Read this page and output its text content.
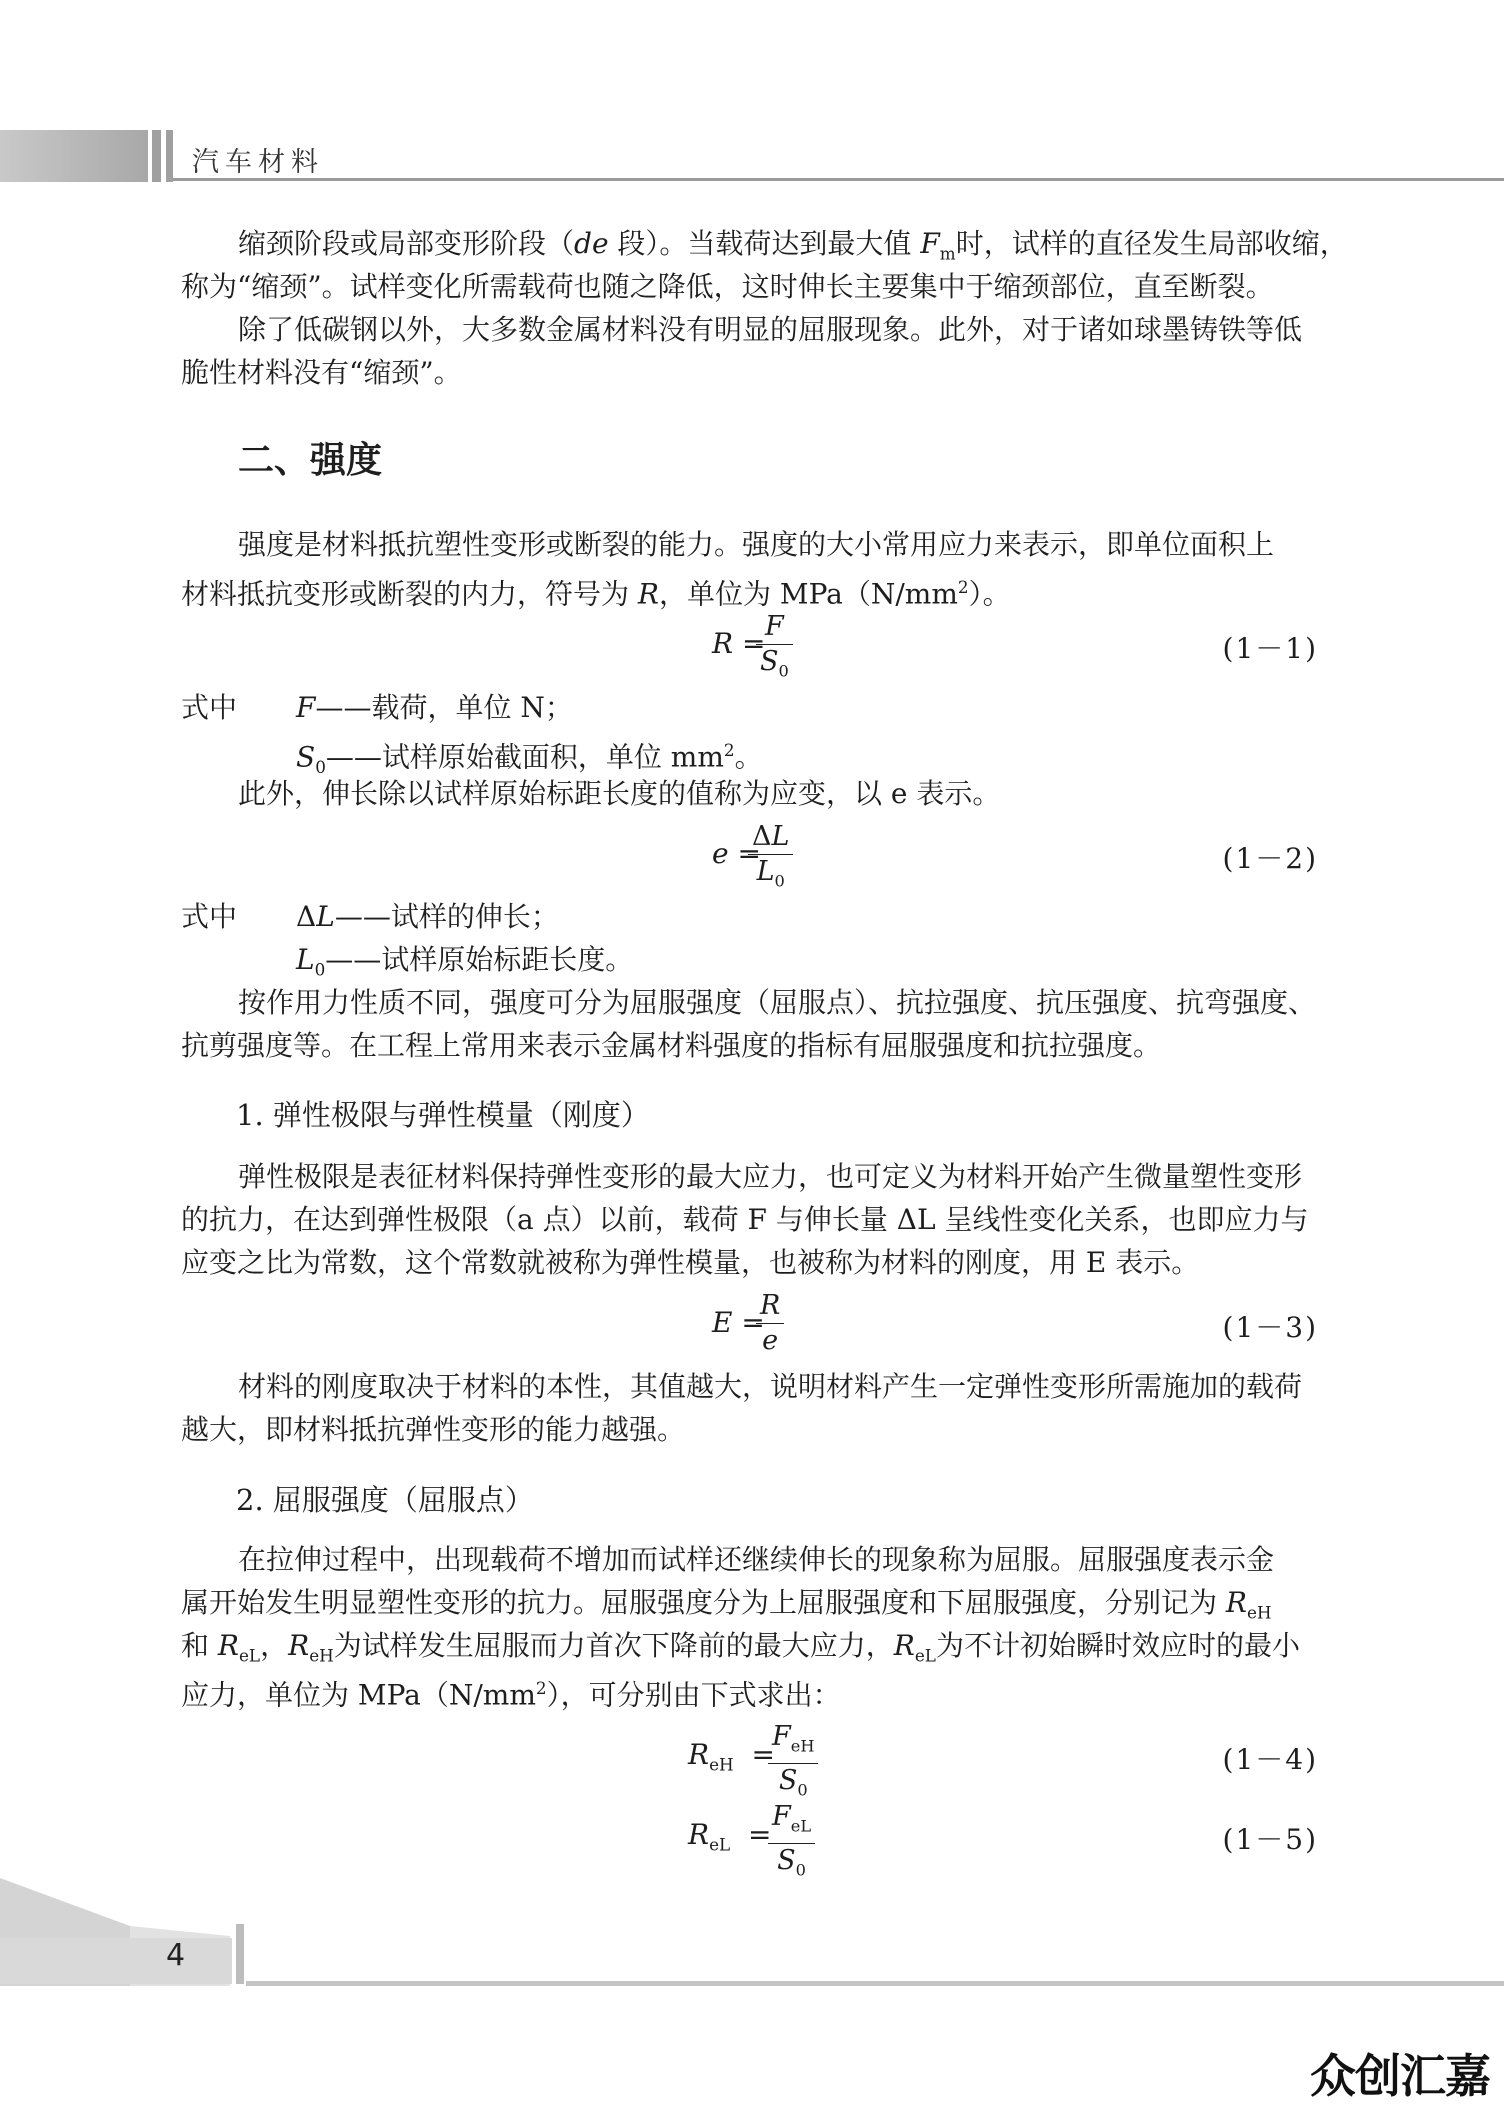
汽车材料
缩颈阶段或局部变形阶段（de 段）。当载荷达到最大值 $F_m$时，试样的直径发生局部收缩，
称为“缩颈”。试样变化所需载荷也随之降低，这时伸长主要集中于缩颈部位，直至断裂。
除了低碳钢以外，大多数金属材料没有明显的屈服现象。此外，对于诸如球墨铸铁等低脆性材料没有“缩颈”。
二、强度
强度是材料抵抗塑性变形或断裂的能力。强度的大小常用应力来表示，即单位面积上
材料抵抗变形或断裂的内力，符号为 R，单位为 $MPa(N/mm^2)$。
R =
$\frac{F}{S_0}$	(1－1)
式中 F——载荷，单位 N；
$S_0——$试样原始截面积，单位 $mm^2$。
此外，伸长除以试样原始标距长度的值称为应变，以 e 表示。
e =
$\frac{\Delta L}{L_0}$	(1－2)
式中 ΔL——试样的伸长；
$L_0——$试样原始标距长度。
按作用力性质不同，强度可分为屈服强度（屈服点）、抗拉强度、抗压强度、抗弯强度、抗剪强度等。在工程上常用来表示金属材料强度的指标有屈服强度和抗拉强度。
1. 弹性极限与弹性模量（刚度）
弹性极限是表征材料保持弹性变形的最大应力，也可定义为材料开始产生微量塑性变形的抗力，在达到弹性极限（a 点）以前，载荷 F 与伸长量 ΔL 呈线性变化关系，也即应力与应变之比为常数，这个常数就被称为弹性模量，也被称为材料的刚度，用 E 表示。
E =
$\frac{R}{e}$	(1－3)
材料的刚度取决于材料的本性，其值越大，说明材料产生一定弹性变形所需施加的载荷越大，即材料抵抗弹性变形的能力越强。
2. 屈服强度（屈服点）
在拉伸过程中，出现载荷不增加而试样还继续伸长的现象称为屈服。屈服强度表示金
属开始发生明显塑性变形的抗力。屈服强度分为上屈服强度和下屈服强度，分别记为 $R_{eH}$
和 $R_{eL}$，$R_{eH}$为试样发生屈服而力首次下降前的最大应力，$R_{eL}$为不计初始瞬时效应时的最小
应力，单位为 $MPa(N/mm^2)$，可分别由下式求出：
$R_{eH}$  =
$F_{eH}$
$S_0$
(1－4)
$R_{eL}$  =
$F_{eL}$
$S_0$
(1－5)
4
众创汇嘉
